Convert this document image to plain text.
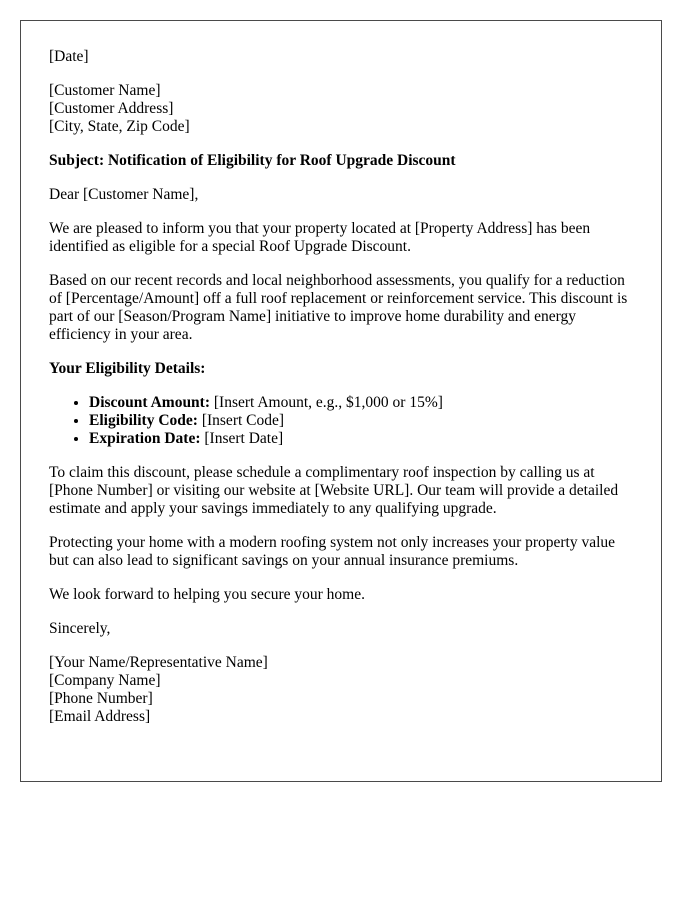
[Date]

[Customer Name]
[Customer Address]
[City, State, Zip Code]

Subject: Notification of Eligibility for Roof Upgrade Discount

Dear [Customer Name],

We are pleased to inform you that your property located at [Property Address] has been identified as eligible for a special Roof Upgrade Discount.

Based on our recent records and local neighborhood assessments, you qualify for a reduction of [Percentage/Amount] off a full roof replacement or reinforcement service. This discount is part of our [Season/Program Name] initiative to improve home durability and energy efficiency in your area.

Your Eligibility Details:

• Discount Amount: [Insert Amount, e.g., $1,000 or 15%]
• Eligibility Code: [Insert Code]
• Expiration Date: [Insert Date]

To claim this discount, please schedule a complimentary roof inspection by calling us at [Phone Number] or visiting our website at [Website URL]. Our team will provide a detailed estimate and apply your savings immediately to any qualifying upgrade.

Protecting your home with a modern roofing system not only increases your property value but can also lead to significant savings on your annual insurance premiums.

We look forward to helping you secure your home.

Sincerely,

[Your Name/Representative Name]
[Company Name]
[Phone Number]
[Email Address]
